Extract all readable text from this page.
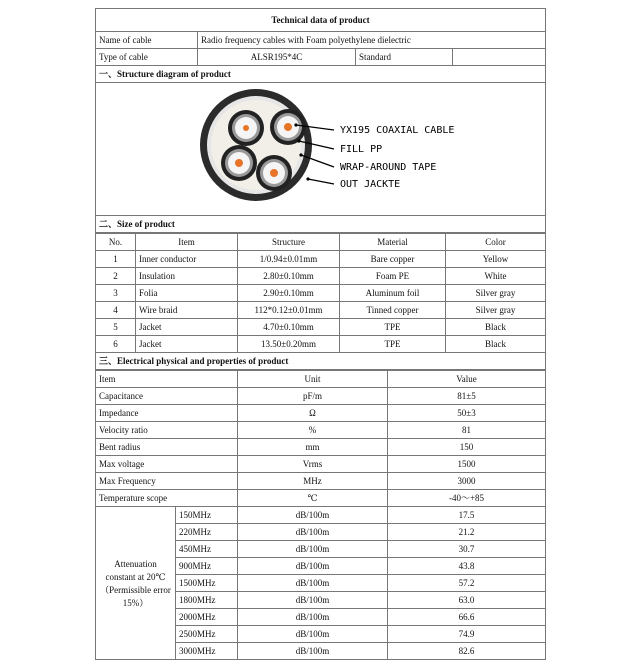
Technical data of product			
Name of cable	Radio frequency cables with Foam polyethylene dielectric		
Type of cable	ALSR195*4C	Standard	
一、Structure diagram of product			

YX195 COAXIAL CABLE
FILL PP
WRAP-AROUND TAPE
OUT JACKTE			

二、Size of product			
No.	Item	Structure	Material	Color
1	Inner conductor	1/0.94±0.01mm	Bare copper	Yellow
2	Insulation	2.80±0.10mm	Foam PE	White
3	Folia	2.90±0.10mm	Aluminum foil	Silver gray
4	Wire braid	112*0.12±0.01mm	Tinned copper	Silver gray
5	Jacket	4.70±0.10mm	TPE	Black
6	Jacket	13.50±0.20mm	TPE	Black
三、Electrical physical and properties of product				
Item		Unit	Value
Capacitance		pF/m	81±5
Impedance		Ω	50±3
Velocity ratio		%	81
Bent radius		mm	150
Max voltage		Vrms	1500
Max Frequency		MHz	3000
Temperature scope		℃	-40～+85

Attenuation
constant at 20℃
（Permissible error
15%）	150MHz	dB/100m	17.5
	220MHz	dB/100m	21.2
	450MHz	dB/100m	30.7
	900MHz	dB/100m	43.8
	1500MHz	dB/100m	57.2
	1800MHz	dB/100m	63.0
	2000MHz	dB/100m	66.6
	2500MHz	dB/100m	74.9
	3000MHz	dB/100m	82.6
